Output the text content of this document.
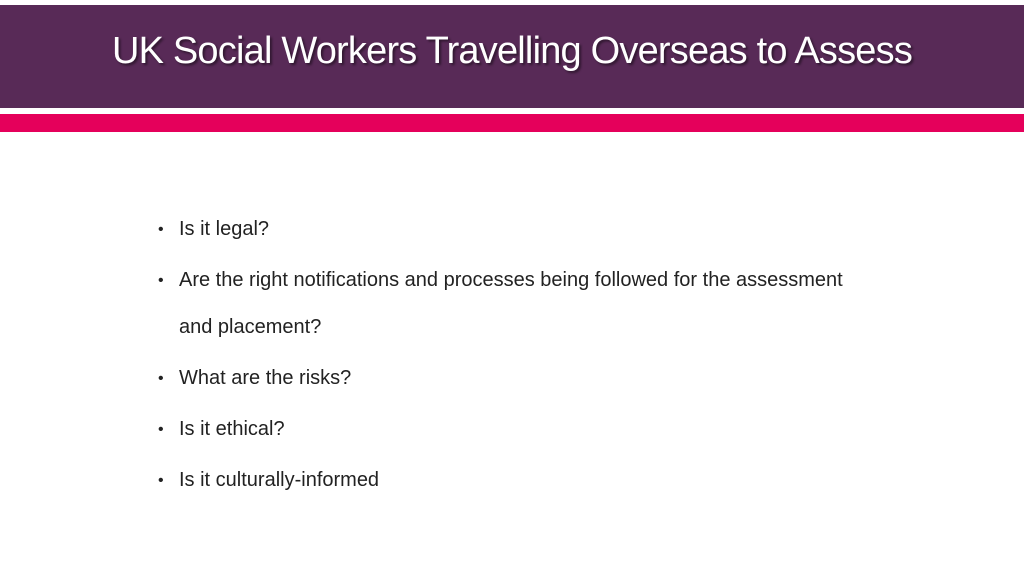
UK Social Workers Travelling Overseas to Assess
• Is it legal?
• Are the right notifications and processes being followed for the assessment and placement?
• What are the risks?
• Is it ethical?
• Is it culturally-informed
